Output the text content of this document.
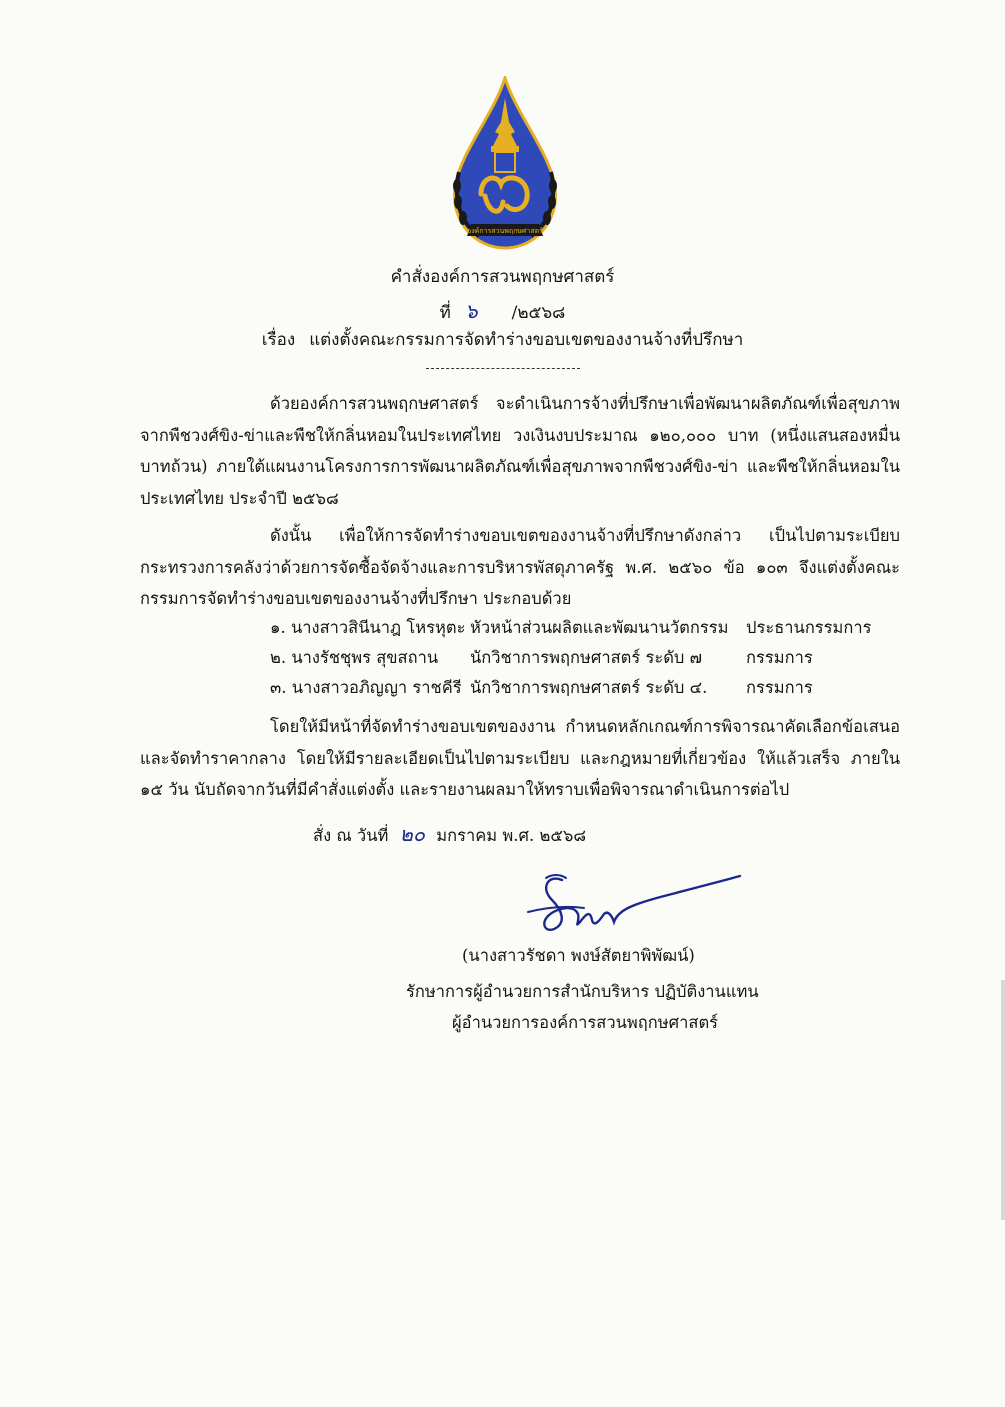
องค์การสวนพฤกษศาสตร์
คำสั่งองค์การสวนพฤกษศาสตร์
ที่ ๖ /๒๕๖๘
เรื่อง แต่งตั้งคณะกรรมการจัดทำร่างขอบเขตของงานจ้างที่ปรึกษา
ด้วยองค์การสวนพฤกษศาสตร์ จะดำเนินการจ้างที่ปรึกษาเพื่อพัฒนาผลิตภัณฑ์เพื่อสุขภาพจากพืชวงศ์ขิง-ข่าและพืชให้กลิ่นหอมในประเทศไทย วงเงินงบประมาณ ๑๒๐,๐๐๐ บาท (หนึ่งแสนสองหมื่นบาทถ้วน) ภายใต้แผนงานโครงการการพัฒนาผลิตภัณฑ์เพื่อสุขภาพจากพืชวงศ์ขิง-ข่า และพืชให้กลิ่นหอมในประเทศไทย ประจำปี ๒๕๖๘
ดังนั้น เพื่อให้การจัดทำร่างขอบเขตของงานจ้างที่ปรึกษาดังกล่าว เป็นไปตามระเบียบกระทรวงการคลังว่าด้วยการจัดซื้อจัดจ้างและการบริหารพัสดุภาครัฐ พ.ศ. ๒๕๖๐ ข้อ ๑๐๓ จึงแต่งตั้งคณะกรรมการจัดทำร่างขอบเขตของงานจ้างที่ปรึกษา ประกอบด้วย
๑. นางสาวสินีนาฎ โหรหุตะ หัวหน้าส่วนผลิตและพัฒนานวัตกรรม ประธานกรรมการ
๒. นางรัชชุพร สุขสถาน นักวิชาการพฤกษศาสตร์ ระดับ ๗	กรรมการ
๓. นางสาวอภิญญา ราชคีรี นักวิชาการพฤกษศาสตร์ ระดับ ๔. กรรมการ
โดยให้มีหน้าที่จัดทำร่างขอบเขตของงาน กำหนดหลักเกณฑ์การพิจารณาคัดเลือกข้อเสนอและจัดทำราคากลาง โดยให้มีรายละเอียดเป็นไปตามระเบียบ และกฎหมายที่เกี่ยวข้อง ให้แล้วเสร็จ ภายใน ๑๕ วัน นับถัดจากวันที่มีคำสั่งแต่งตั้ง และรายงานผลมาให้ทราบเพื่อพิจารณาดำเนินการต่อไป
สั่ง ณ วันที่ ๒๐ มกราคม พ.ศ. ๒๕๖๘
(นางสาวรัชดา พงษ์สัตยาพิพัฒน์)
รักษาการผู้อำนวยการสำนักบริหาร ปฏิบัติงานแทน
ผู้อำนวยการองค์การสวนพฤกษศาสตร์
